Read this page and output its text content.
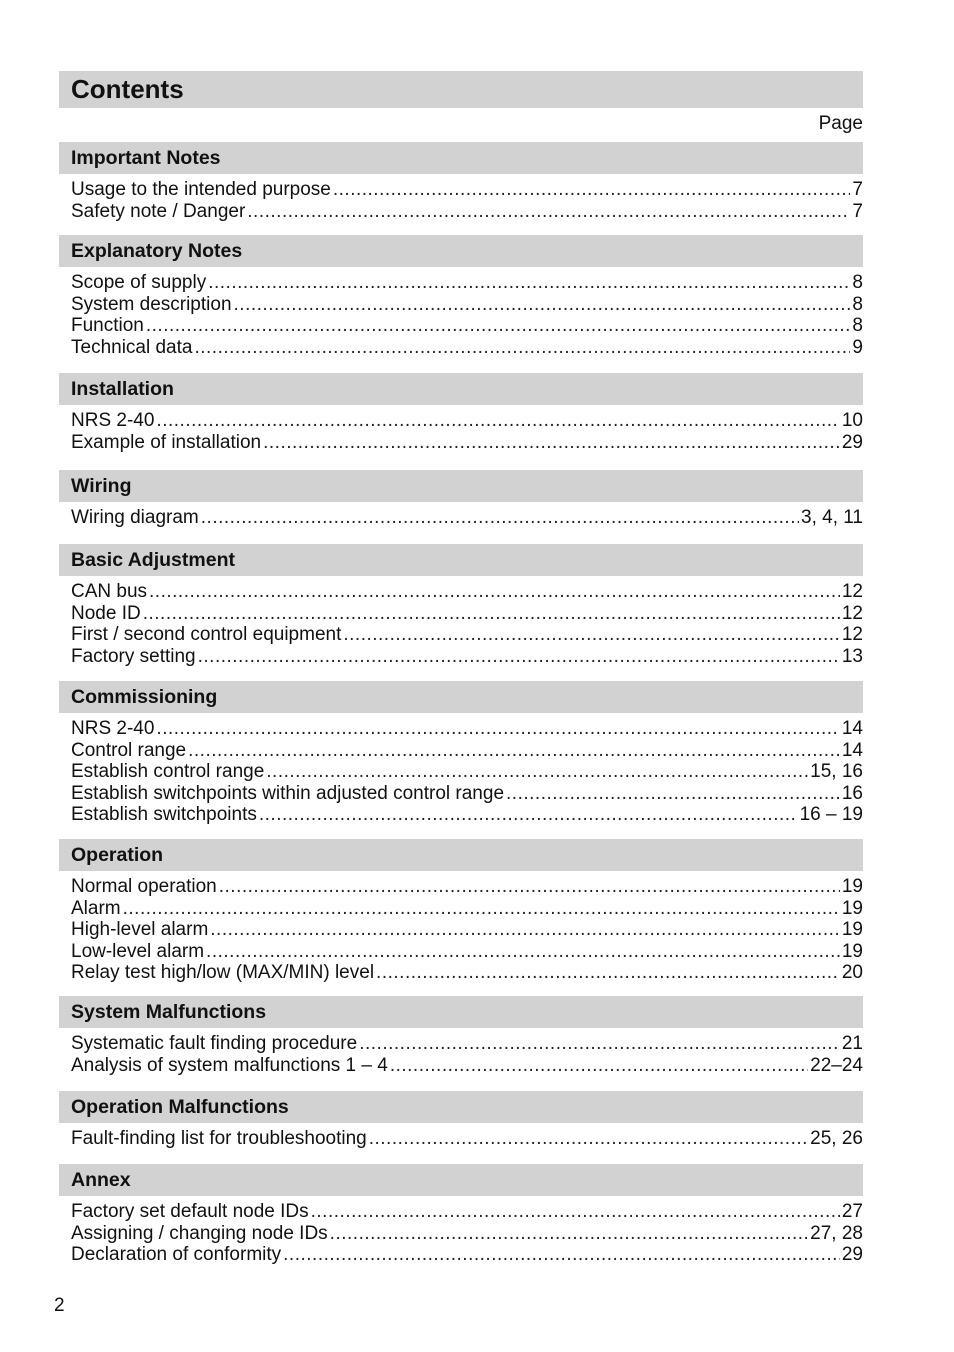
Contents
Page
Important Notes
Usage to the intended purpose .....	7
Safety note / Danger .....	7
Explanatory Notes
Scope of supply .....	8
System description .....	8
Function .....	8
Technical data .....	9
Installation
NRS 2-40 .....	10
Example of installation .....	29
Wiring
Wiring diagram .....	3, 4, 11
Basic Adjustment
CAN bus .....	12
Node ID .....	12
First / second control equipment .....	12
Factory setting .....	13
Commissioning
NRS 2-40 .....	14
Control range .....	14
Establish control range .....	15, 16
Establish switchpoints within adjusted control range .....	16
Establish switchpoints .....	16 – 19
Operation
Normal operation .....	19
Alarm .....	19
High-level alarm .....	19
Low-level alarm .....	19
Relay test high/low (MAX/MIN) level .....	20
System Malfunctions
Systematic fault finding procedure .....	21
Analysis of system malfunctions 1 – 4 .....	22–24
Operation Malfunctions
Fault-finding list for troubleshooting .....	25, 26
Annex
Factory set default node IDs .....	27
Assigning / changing node IDs .....	27, 28
Declaration of conformity .....	29
2
